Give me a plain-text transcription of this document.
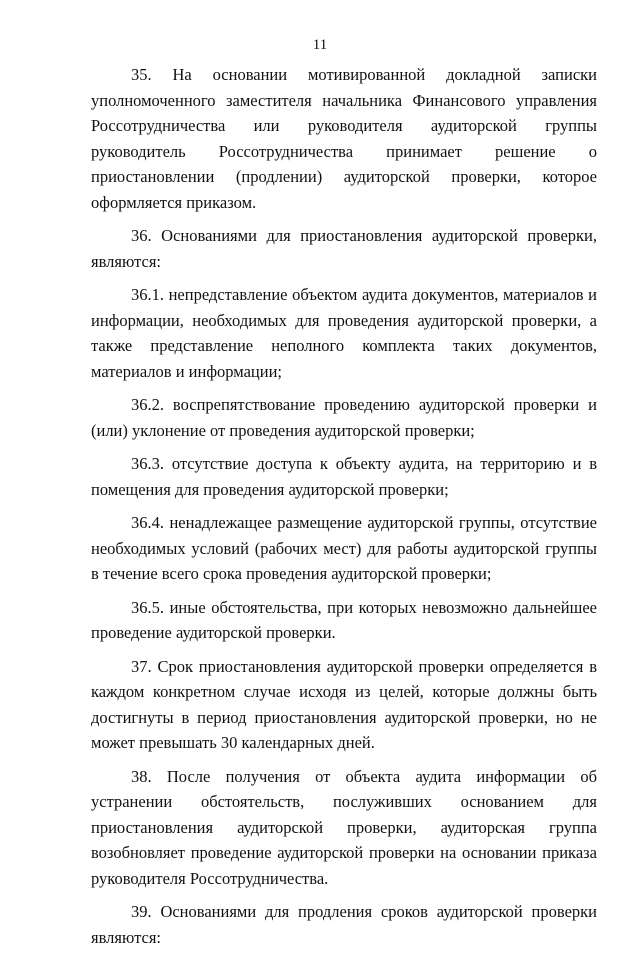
11

35. На основании мотивированной докладной записки уполномоченного заместителя начальника Финансового управления Россотрудничества или руководителя аудиторской группы руководитель Россотрудничества принимает решение о приостановлении (продлении) аудиторской проверки, которое оформляется приказом.

36. Основаниями для приостановления аудиторской проверки, являются:

36.1. непредставление объектом аудита документов, материалов и информации, необходимых для проведения аудиторской проверки, а также представление неполного комплекта таких документов, материалов и информации;

36.2. воспрепятствование проведению аудиторской проверки и (или) уклонение от проведения аудиторской проверки;

36.3. отсутствие доступа к объекту аудита, на территорию и в помещения для проведения аудиторской проверки;

36.4. ненадлежащее размещение аудиторской группы, отсутствие необходимых условий (рабочих мест) для работы аудиторской группы в течение всего срока проведения аудиторской проверки;

36.5. иные обстоятельства, при которых невозможно дальнейшее проведение аудиторской проверки.

37. Срок приостановления аудиторской проверки определяется в каждом конкретном случае исходя из целей, которые должны быть достигнуты в период приостановления аудиторской проверки, но не может превышать 30 календарных дней.

38. После получения от объекта аудита информации об устранении обстоятельств, послуживших основанием для приостановления аудиторской проверки, аудиторская группа возобновляет проведение аудиторской проверки на основании приказа руководителя Россотрудничества.

39. Основаниями для продления сроков аудиторской проверки являются:
